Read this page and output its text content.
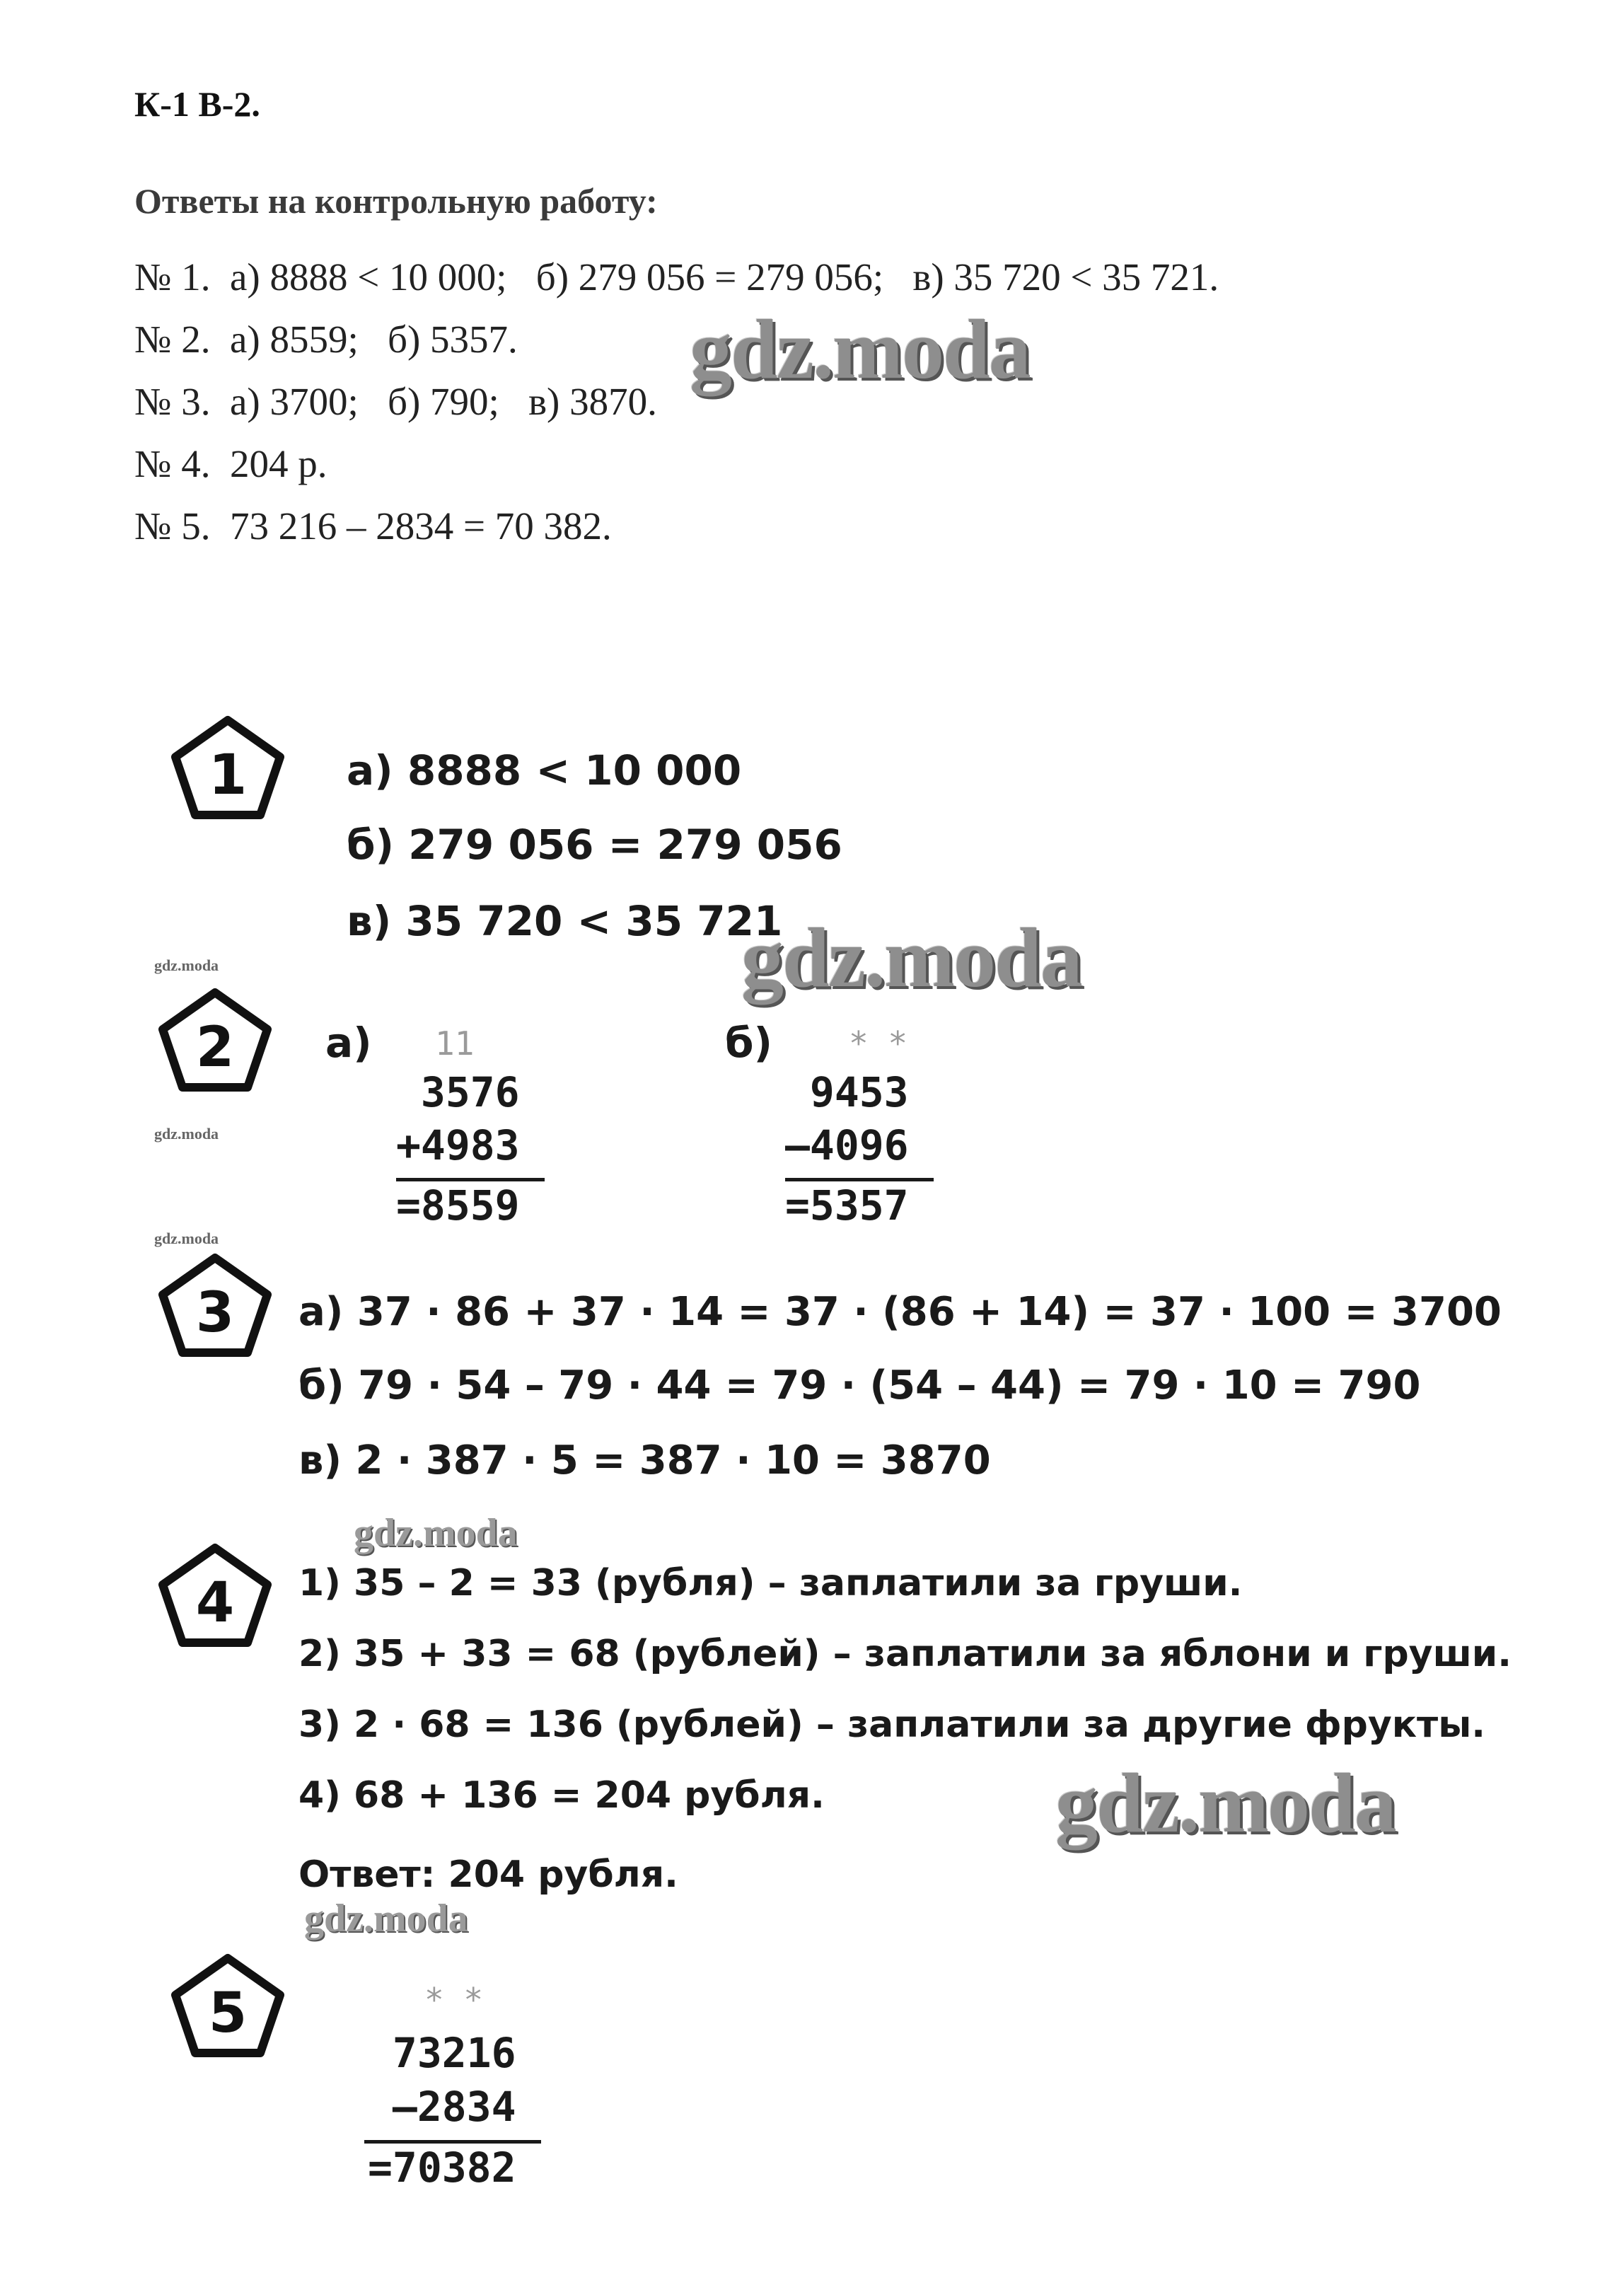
К-1 В-2.
Ответы на контрольную работу:
№ 1.  а) 8888 < 10 000;   б) 279 056 = 279 056;   в) 35 720 < 35 721.
№ 2.  а) 8559;   б) 5357.
№ 3.  а) 3700;   б) 790;   в) 3870.
№ 4.  204 р.
№ 5.  73 216 – 2834 = 70 382.
gdz.moda
gdz.moda
gdz.moda
gdz.moda
gdz.moda
gdz.moda
gdz.moda
gdz.moda
1 а) 8888 < 10 000
б) 279 056 = 279 056
в) 35 720 < 35 721
2 а) 11
3576
+4983
=8559
б) * *
9453
–4096
=5357
3 а) 37 · 86 + 37 · 14 = 37 · (86 + 14) = 37 · 100 = 3700
б) 79 · 54 – 79 · 44 = 79 · (54 – 44) = 79 · 10 = 790
в) 2 · 387 · 5 = 387 · 10 = 3870
4 1) 35 – 2 = 33 (рубля) – заплатили за груши.
2) 35 + 33 = 68 (рублей) – заплатили за яблони и груши.
3) 2 · 68 = 136 (рублей) – заплатили за другие фрукты.
4) 68 + 136 = 204 рубля.
Ответ: 204 рубля.
5	* *
73216
–2834
=70382
